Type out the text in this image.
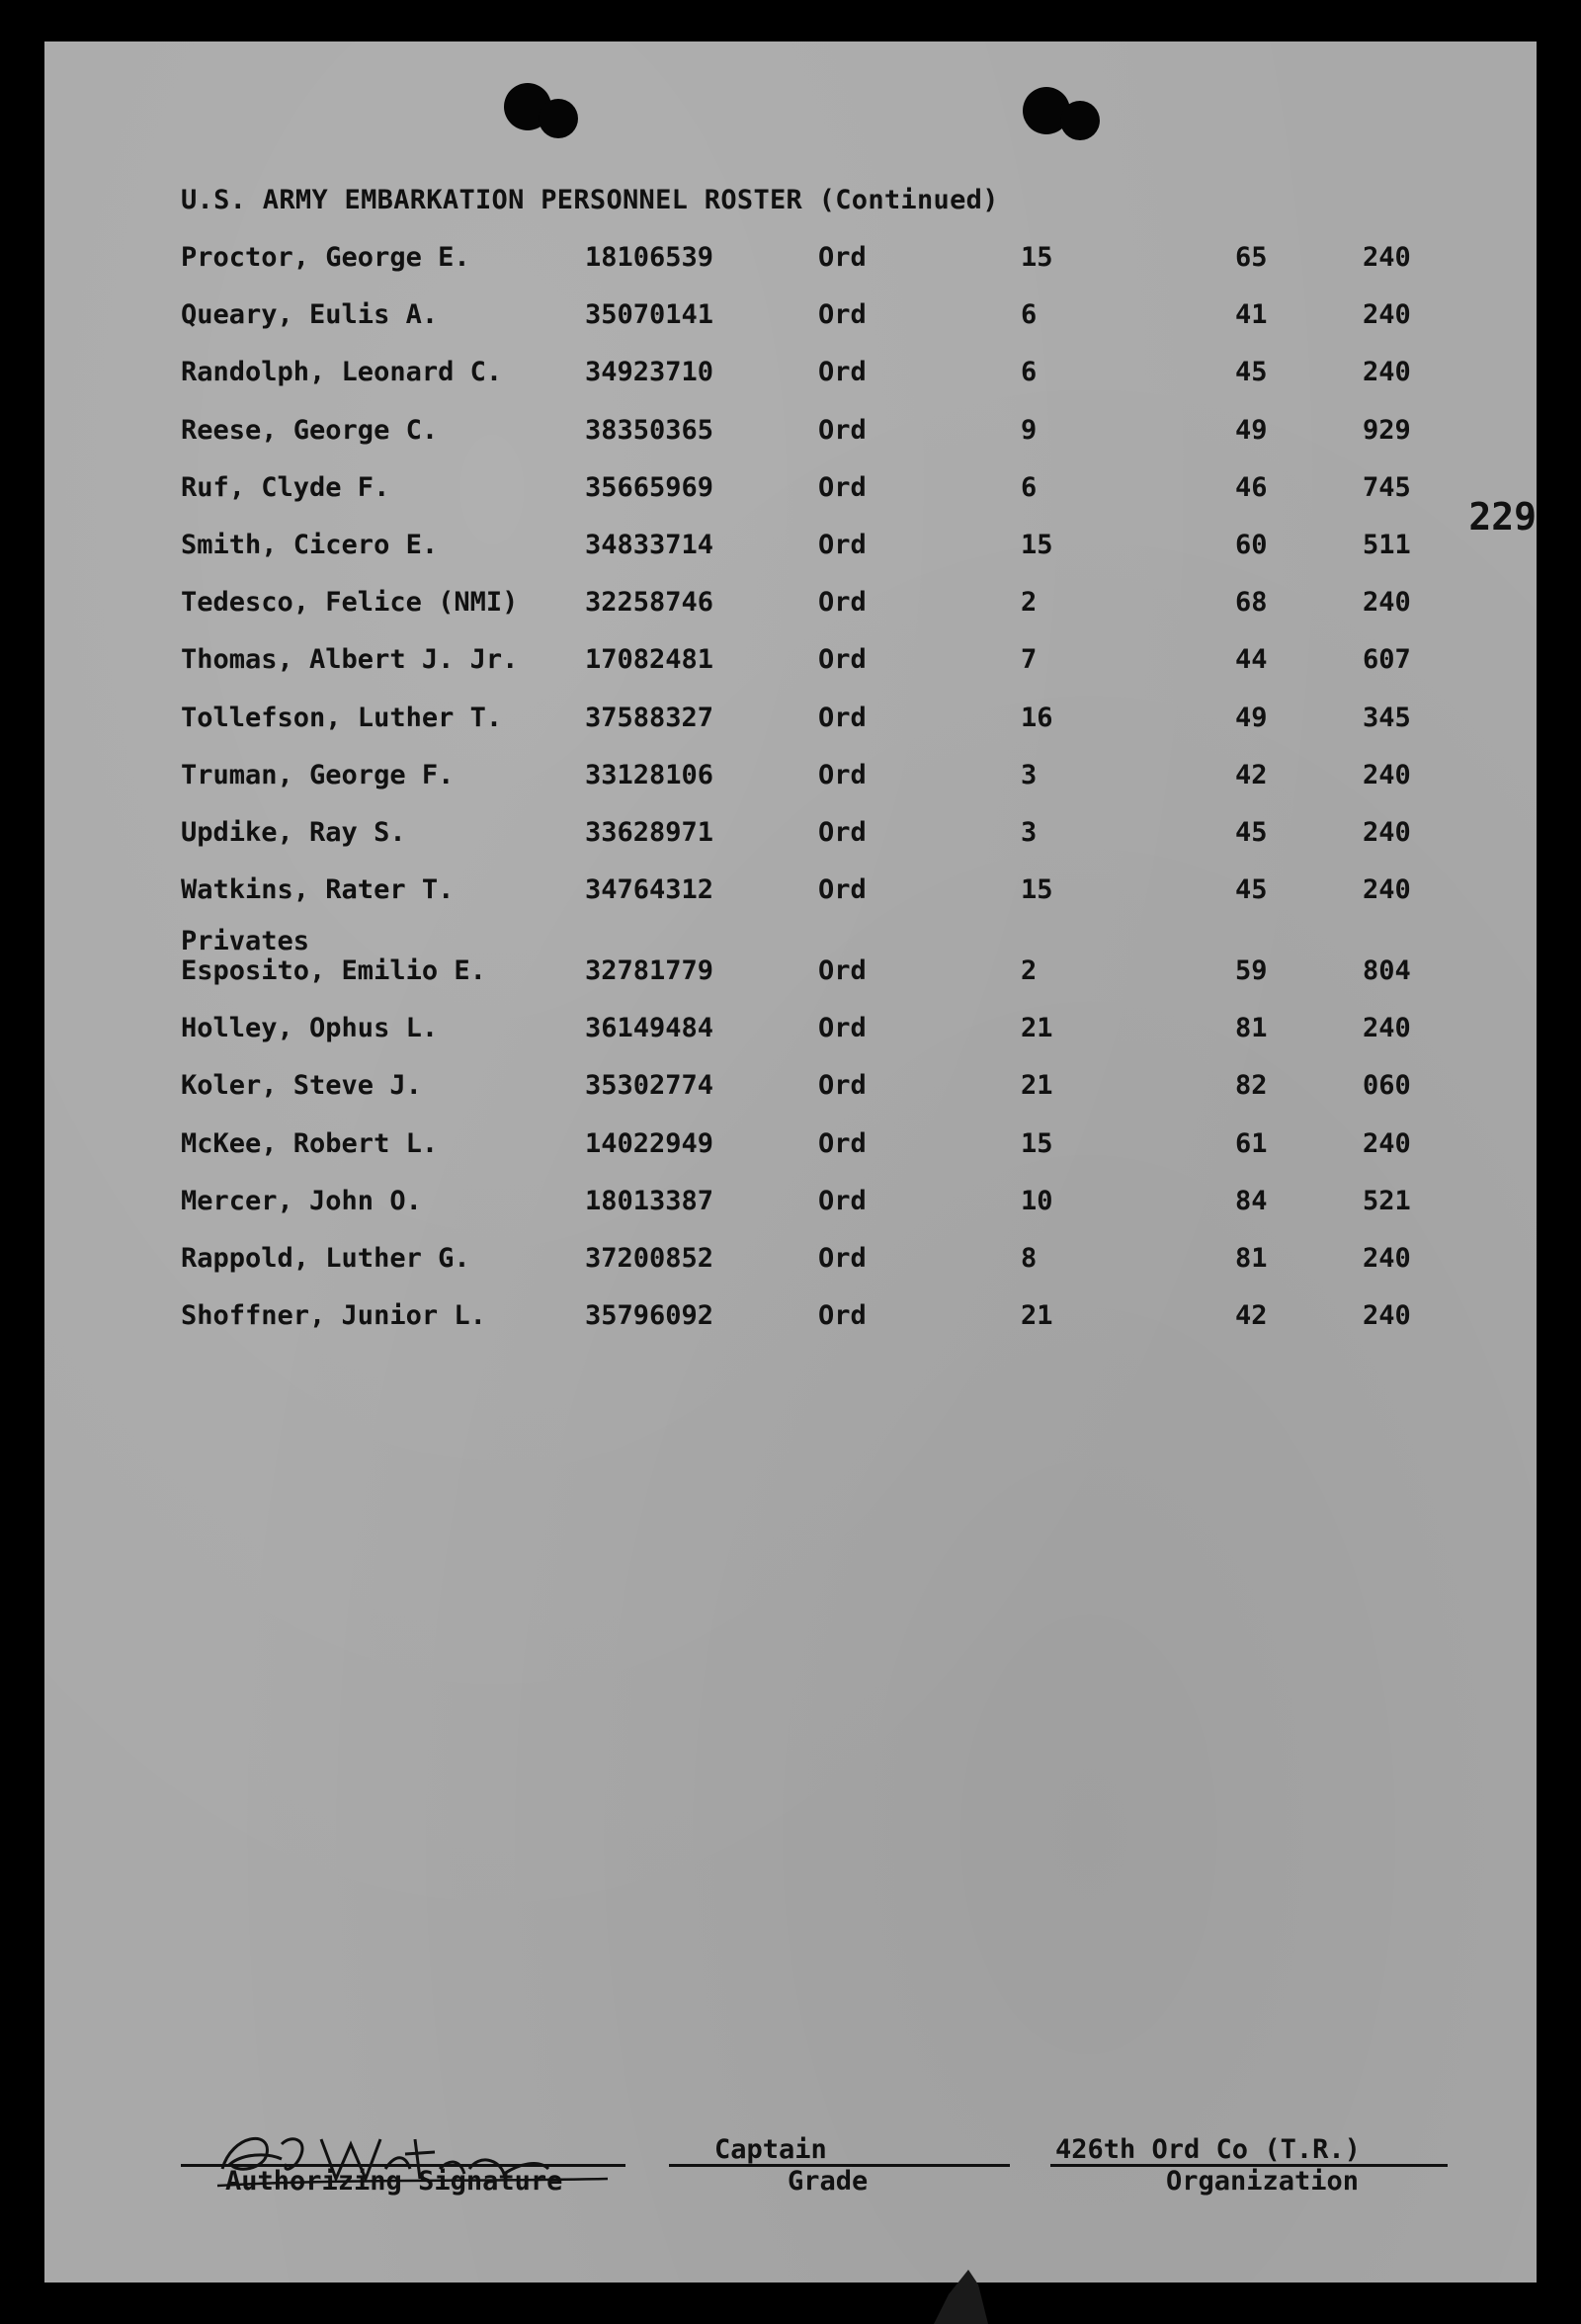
229
U.S. ARMY EMBARKATION PERSONNEL ROSTER (Continued)
Proctor, George E.	18106539	Ord	15	65	240
Queary, Eulis A.	35070141	Ord	6	41	240
Randolph, Leonard C.	34923710	Ord	6	45	240
Reese, George C.	38350365	Ord	9	49	929
Ruf, Clyde F.	35665969	Ord	6	46	745
Smith, Cicero E.	34833714	Ord	15	60	511
Tedesco, Felice (NMI)	32258746	Ord	2	68	240
Thomas, Albert J. Jr.	17082481	Ord	7	44	607
Tollefson, Luther T.	37588327	Ord	16	49	345
Truman, George F.	33128106	Ord	3	42	240
Updike, Ray S.	33628971	Ord	3	45	240
Watkins, Rater T.	34764312	Ord	15	45	240
Esposito, Emilio E.	32781779	Ord	2	59	804
Holley, Ophus L.	36149484	Ord	21	81	240
Koler, Steve J.	35302774	Ord	21	82	060
McKee, Robert L.	14022949	Ord	15	61	240
Mercer, John O.	18013387	Ord	10	84	521
Rappold, Luther G.	37200852	Ord	8	81	240
Shoffner, Junior L.	35796092	Ord	21	42	240
Privates
Authorizing Signature
Captain
Grade
426th Ord Co (T.R.)
Organization
